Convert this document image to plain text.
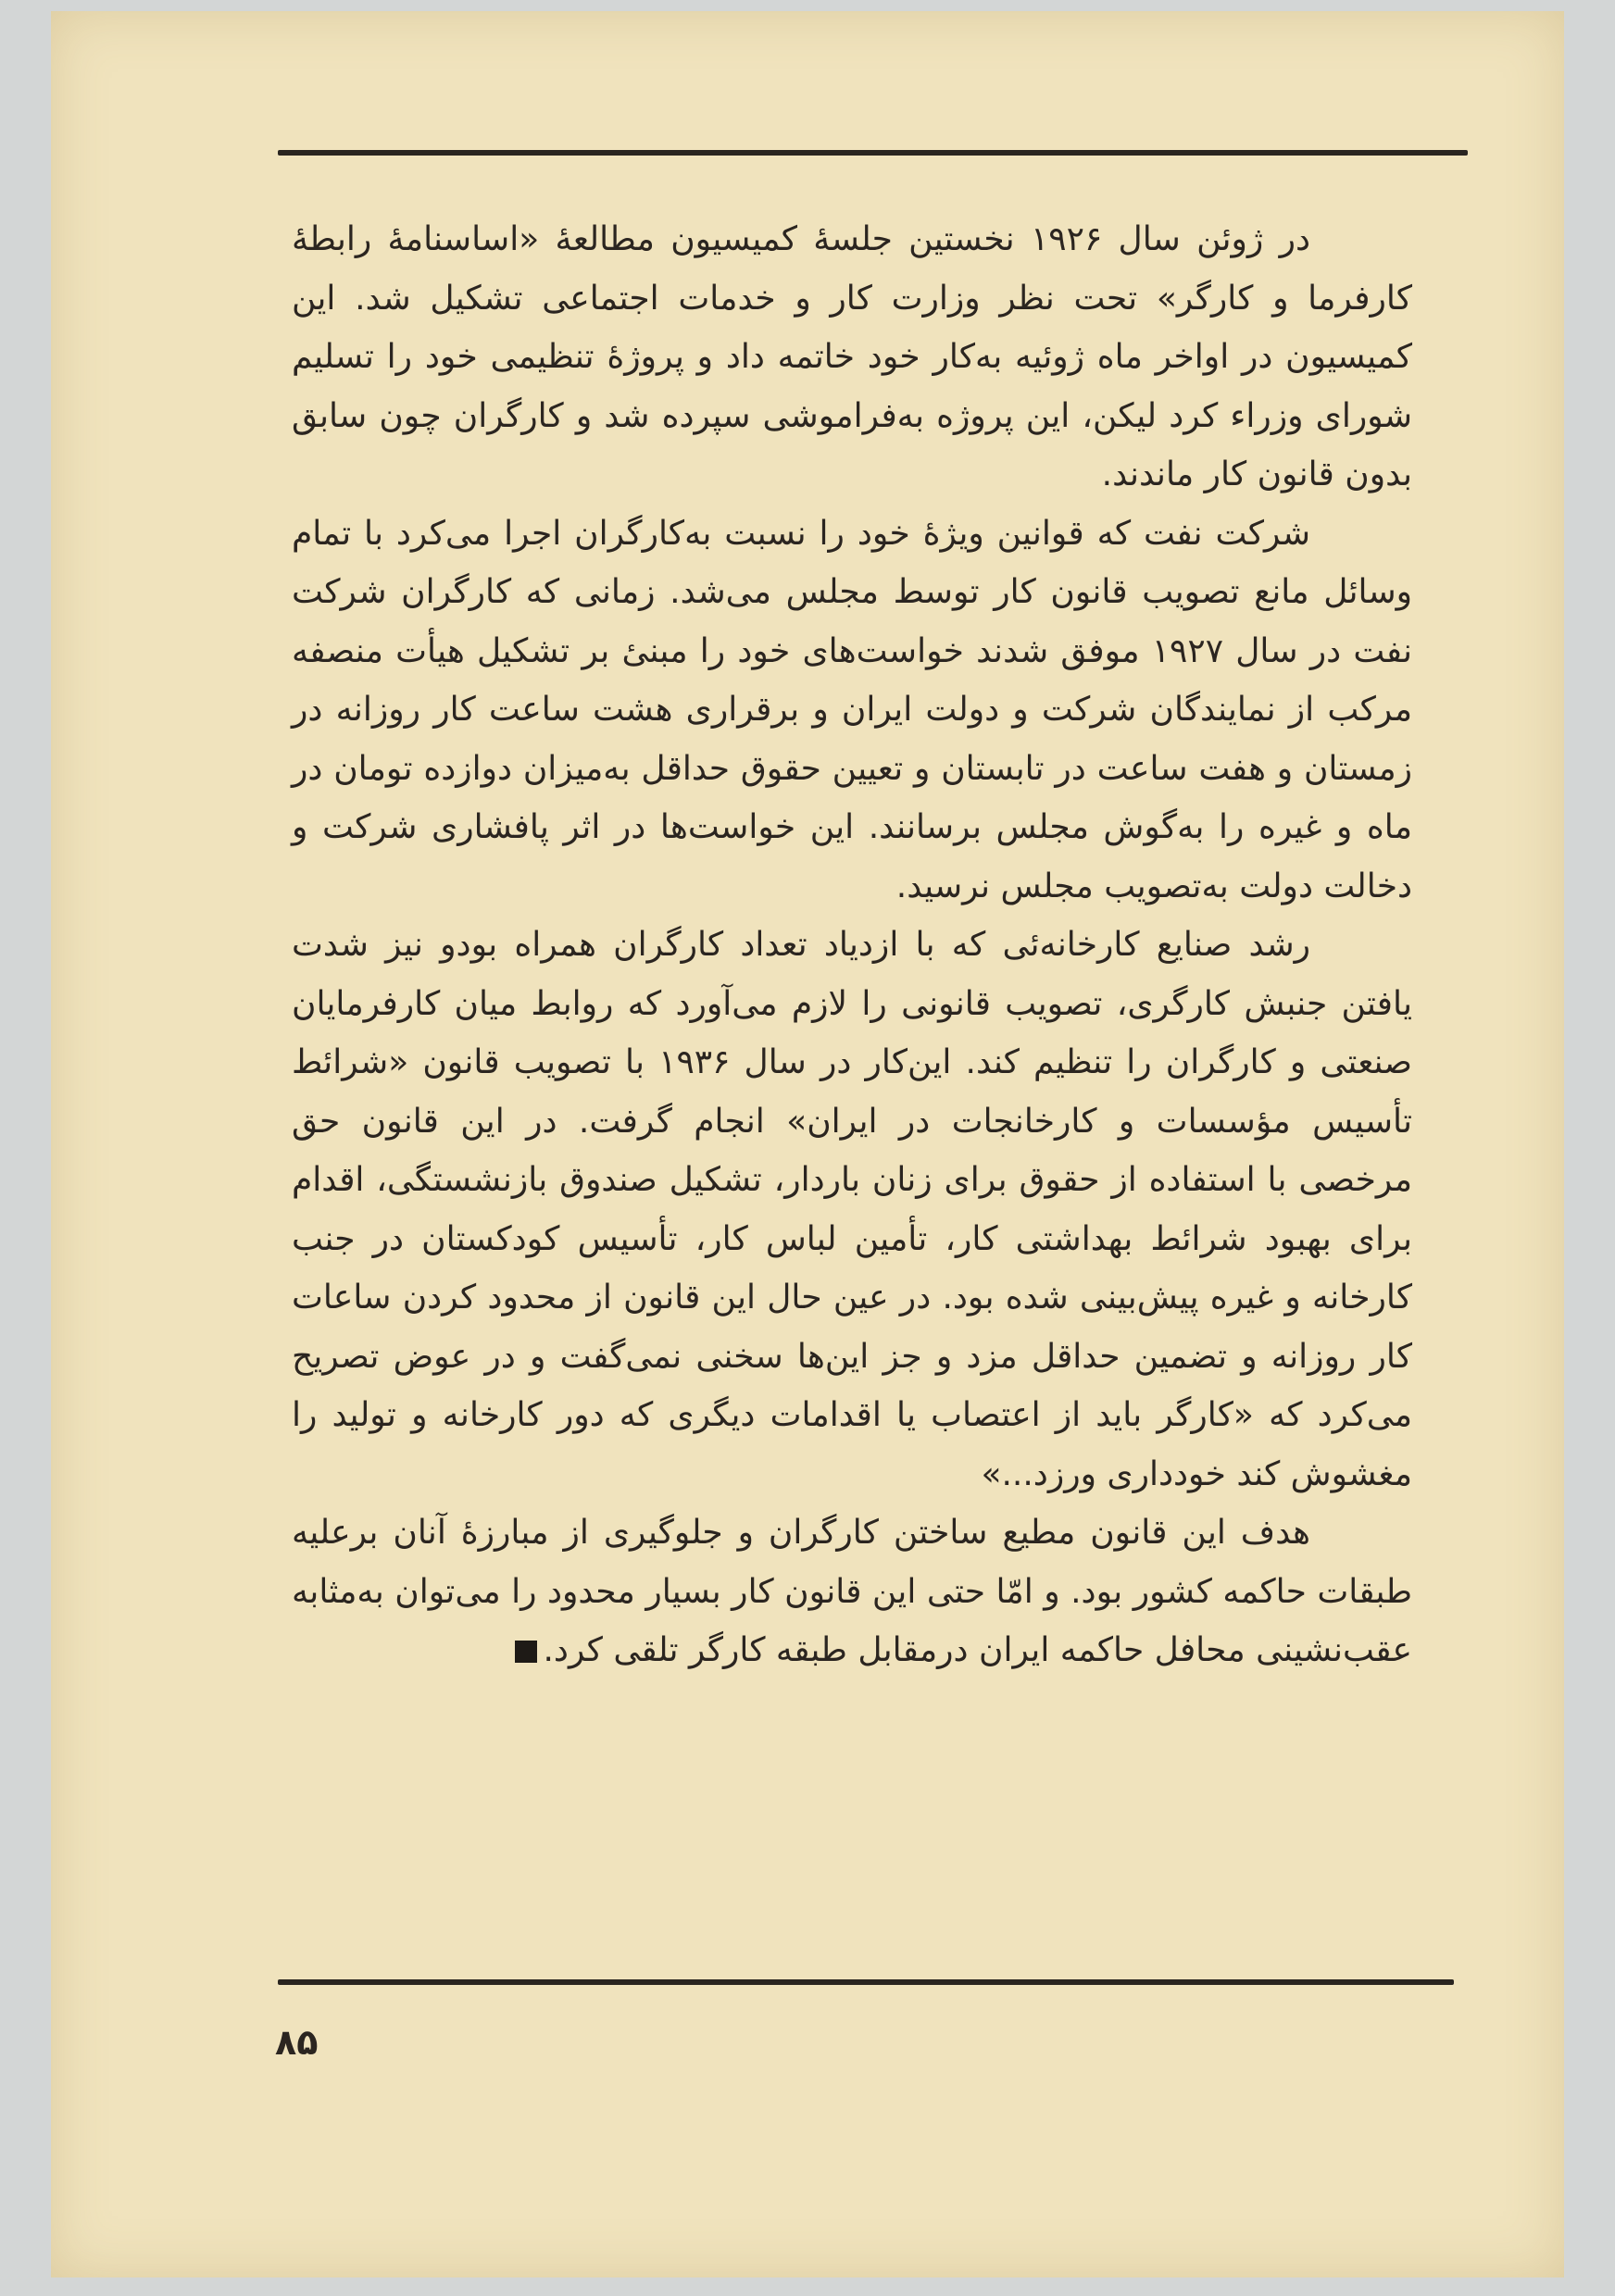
در ژوئن سال ۱۹۲۶ نخستین جلسهٔ کمیسیون مطالعهٔ «اساسنامهٔ رابطهٔ کارفرما و کارگر» تحت نظر وزارت کار و خدمات اجتماعی تشکیل شد. این کمیسیون در اواخر ماه ژوئیه به‌کار خود خاتمه داد و پروژهٔ تنظیمی خود را تسلیم شورای وزراء کرد لیکن، این پروژه به‌فراموشی سپرده شد و کارگران چون سابق بدون قانون کار ماندند.

شرکت نفت که قوانین ویژهٔ خود را نسبت به‌کارگران اجرا می‌کرد با تمام وسائل مانع تصویب قانون کار توسط مجلس می‌شد. زمانی که کارگران شرکت نفت در سال ۱۹۲۷ موفق شدند خواست‌های خود را مبنیٔ بر تشکیل هیأت منصفه مرکب از نمایندگان شرکت و دولت ایران و برقراری هشت ساعت کار روزانه در زمستان و هفت ساعت در تابستان و تعیین حقوق حداقل به‌میزان دوازده تومان در ماه و غیره را به‌گوش مجلس برسانند. این خواست‌ها در اثر پافشاری شرکت و دخالت دولت به‌تصویب مجلس نرسید.

رشد صنایع کارخانه‌ئی که با ازدیاد تعداد کارگران همراه بودو نیز شدت یافتن جنبش کارگری، تصویب قانونی را لازم می‌آورد که روابط میان کارفرمایان صنعتی و کارگران را تنظیم کند. این‌کار در سال ۱۹۳۶ با تصویب قانون «شرائط تأسیس مؤسسات و کارخانجات در ایران» انجام گرفت. در این قانون حق مرخصی با استفاده از حقوق برای زنان باردار، تشکیل صندوق بازنشستگی، اقدام برای بهبود شرائط بهداشتی کار، تأمین لباس کار، تأسیس کودکستان در جنب کارخانه و غیره پیش‌بینی شده بود. در عین حال این قانون از محدود کردن ساعات کار روزانه و تضمین حداقل مزد و جز این‌ها سخنی نمی‌گفت و در عوض تصریح می‌کرد که «کارگر باید از اعتصاب یا اقدامات دیگری که دور کارخانه و تولید را مغشوش کند خودداری ورزد...»

هدف این قانون مطیع ساختن کارگران و جلوگیری از مبارزهٔ آنان برعلیه طبقات حاکمه کشور بود. و امّا حتی این قانون کار بسیار محدود را می‌توان به‌مثابه عقب‌نشینی محافل حاکمه ایران درمقابل طبقه کارگر تلقی کرد.

۸۵
